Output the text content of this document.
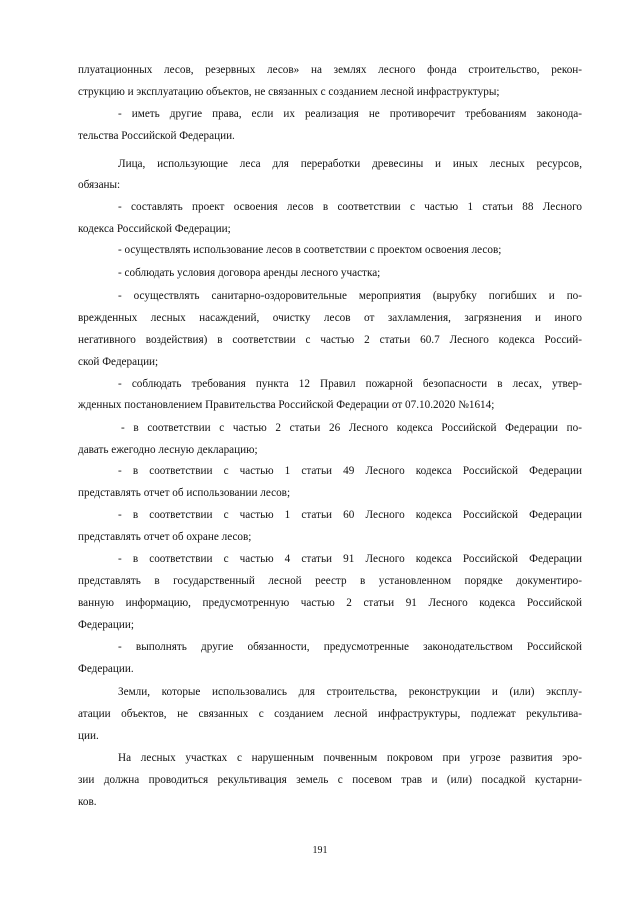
плуатационных лесов, резервных лесов» на землях лесного фонда строительство, рекон-
струкцию и эксплуатацию объектов, не связанных с созданием лесной инфраструктуры;
- иметь другие права, если их реализация не противоречит требованиям законода-
тельства Российской Федерации.
Лица, использующие леса для переработки древесины и иных лесных ресурсов,
обязаны:
- составлять проект освоения лесов в соответствии с частью 1 статьи 88 Лесного
кодекса Российской Федерации;
- осуществлять использование лесов в соответствии с проектом освоения лесов;
- соблюдать условия договора аренды лесного участка;
- осуществлять санитарно-оздоровительные мероприятия (вырубку погибших и по-
врежденных лесных насаждений, очистку лесов от захламления, загрязнения и иного
негативного воздействия) в соответствии с частью 2 статьи 60.7 Лесного кодекса Россий-
ской Федерации;
- соблюдать требования пункта 12 Правил пожарной безопасности в лесах, утвер-
жденных постановлением Правительства Российской Федерации от 07.10.2020 №1614;
- в соответствии с частью 2 статьи 26 Лесного кодекса Российской Федерации по-
давать ежегодно лесную декларацию;
- в соответствии с частью 1 статьи 49 Лесного кодекса Российской Федерации
представлять отчет об использовании лесов;
- в соответствии с частью 1 статьи 60 Лесного кодекса Российской Федерации
представлять отчет об охране лесов;
- в соответствии с частью 4 статьи 91 Лесного кодекса Российской Федерации
представлять в государственный лесной реестр в установленном порядке документиро-
ванную информацию, предусмотренную частью 2 статьи 91 Лесного кодекса Российской
Федерации;
- выполнять другие обязанности, предусмотренные законодательством Российской
Федерации.
Земли, которые использовались для строительства, реконструкции и (или) эксплу-
атации объектов, не связанных с созданием лесной инфраструктуры, подлежат рекультива-
ции.
На лесных участках с нарушенным почвенным покровом при угрозе развития эро-
зии должна проводиться рекультивация земель с посевом трав и (или) посадкой кустарни-
ков.
191
